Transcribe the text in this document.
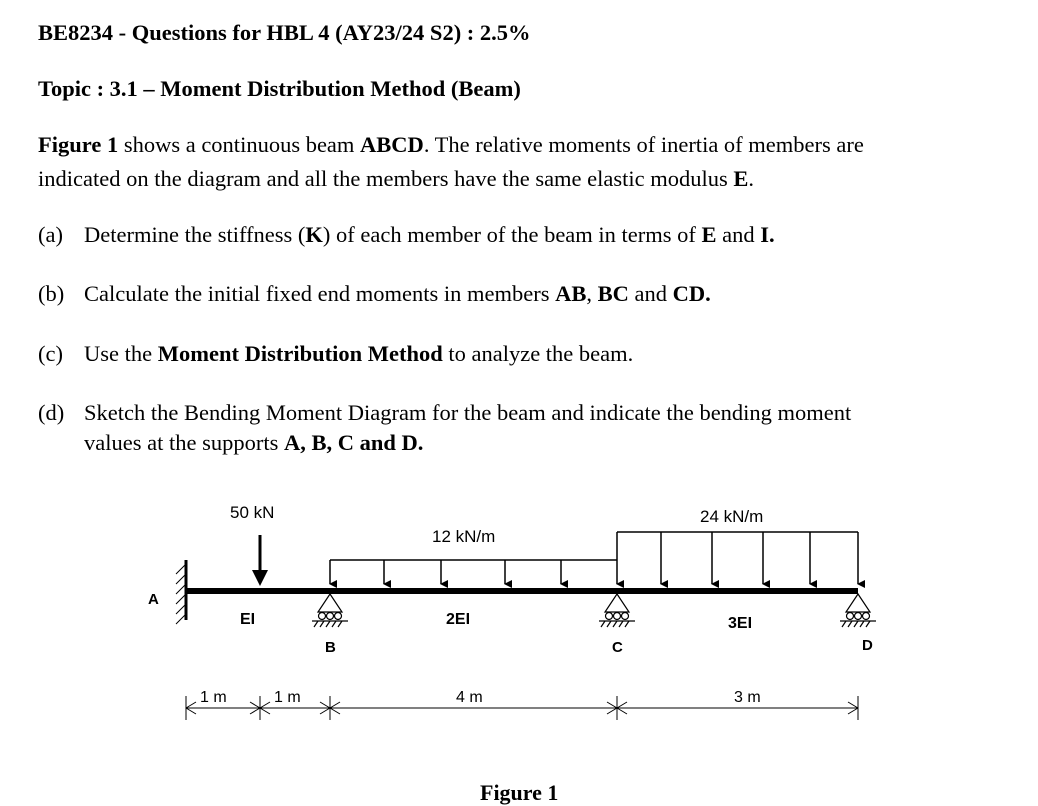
BE8234 - Questions for HBL 4 (AY23/24 S2) : 2.5%
Topic : 3.1 – Moment Distribution Method (Beam)
Figure 1 shows a continuous beam ABCD. The relative moments of inertia of members are
indicated on the diagram and all the members have the same elastic modulus E.
(a) Determine the stiffness (K) of each member of the beam in terms of E and I.
(b) Calculate the initial fixed end moments in members AB, BC and CD.
(c) Use the Moment Distribution Method to analyze the beam.
(d) Sketch the Bending Moment Diagram for the beam and indicate the bending moment
values at the supports A, B, C and D.
A
50 kN
12 kN/m
24 kN/m
B	C	D
EI	2EI	3EI
1 m	1 m	4 m	3 m
Figure 1
